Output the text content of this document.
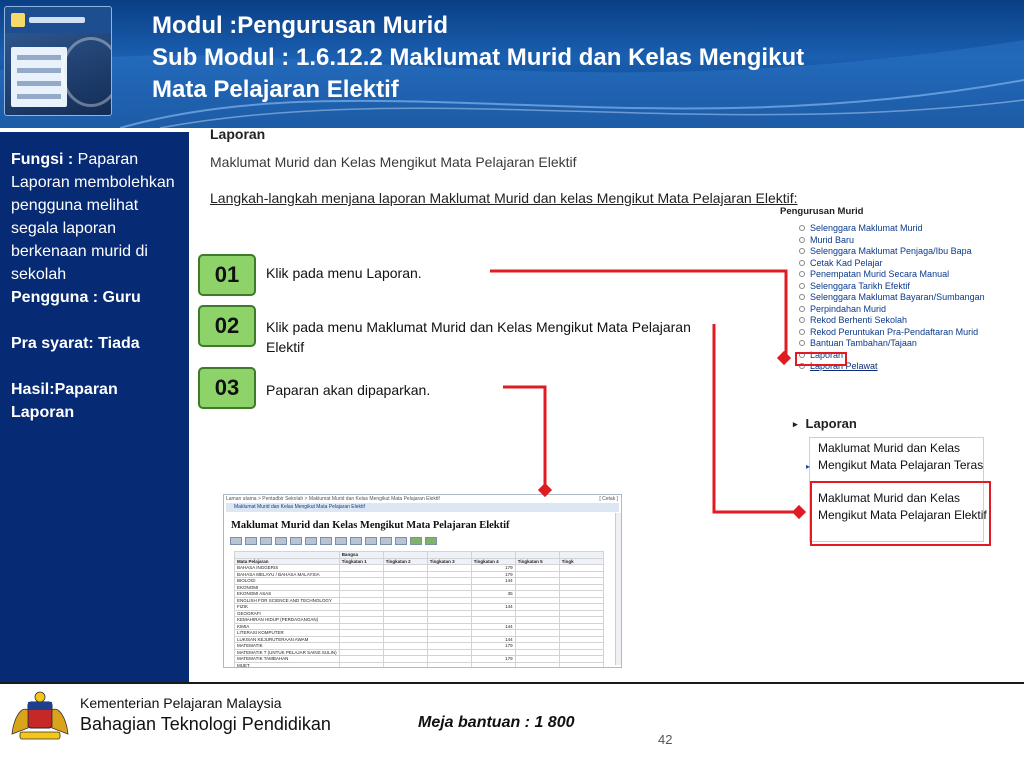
Modul :Pengurusan Murid
Sub Modul : 1.6.12.2 Maklumat Murid dan Kelas Mengikut
Mata Pelajaran Elektif

Fungsi : Paparan Laporan membolehkan pengguna melihat segala laporan berkenaan murid di sekolah

Pengguna : Guru

Pra syarat: Tiada

Hasil:Paparan Laporan

Laporan
Maklumat Murid dan Kelas Mengikut Mata Pelajaran Elektif
Langkah-langkah menjana laporan Maklumat Murid dan kelas Mengikut Mata Pelajaran Elektif:
01	Klik pada menu Laporan.
02	Klik pada menu Maklumat Murid dan Kelas Mengikut Mata Pelajaran Elektif
03	Paparan akan dipaparkan.
Pengurusan Murid
Selenggara Maklumat Murid
Murid Baru
Selenggara Maklumat Penjaga/Ibu Bapa
Cetak Kad Pelajar
Penempatan Murid Secara Manual
Selenggara Tarikh Efektif
Selenggara Maklumat Bayaran/Sumbangan
Perpindahan Murid
Rekod Berhenti Sekolah
Rekod Peruntukan Pra-Pendaftaran Murid
Bantuan Tambahan/Tajaan
Laporan
Laporan Pelawat
▸ Laporan
▸
Maklumat Murid dan Kelas Mengikut Mata Pelajaran Teras
Maklumat Murid dan Kelas Mengikut Mata Pelajaran Elektif
Laman utama > Pentadbir Sekolah > Maklumat Murid dan Kelas Mengikut Mata Pelajaran Elektif	[ Cetak ]
Maklumat Murid dan Kelas Mengikut Mata Pelajaran Elektif
Maklumat Murid dan Kelas Mengikut Mata Pelajaran Elektif
	Bangsa					
Mata Pelajaran	Tingkatan 1	Tingkatan 2	Tingkatan 3	Tingkatan 4	Tingkatan 5	Tingk
BAHASA INGGERIS				179		
BAHASA MELAYU / BAHASA MALAYSIA				179		
BIOLOGI				144		
EKONOMI						
EKONOMI ASAS				35		
ENGLISH FOR SCIENCE AND TECHNOLOGY						
FIZIK				144		
GEOGRAFI						
KEMAHIRAN HIDUP (PERDAGANGAN)						
KIMIA				144		
LITERASI KOMPUTER						
LUKISAN KEJURUTERAAN AWAM				144		
MATEMATIK				179		
MATEMATIK T (UNTUK PELAJAR SAINS SULIN)						
MATEMATIK TAMBAHAN				179		
MUET						
Kementerian Pelajaran Malaysia
Bahagian Teknologi Pendidikan	Meja bantuan : 1 800
42
